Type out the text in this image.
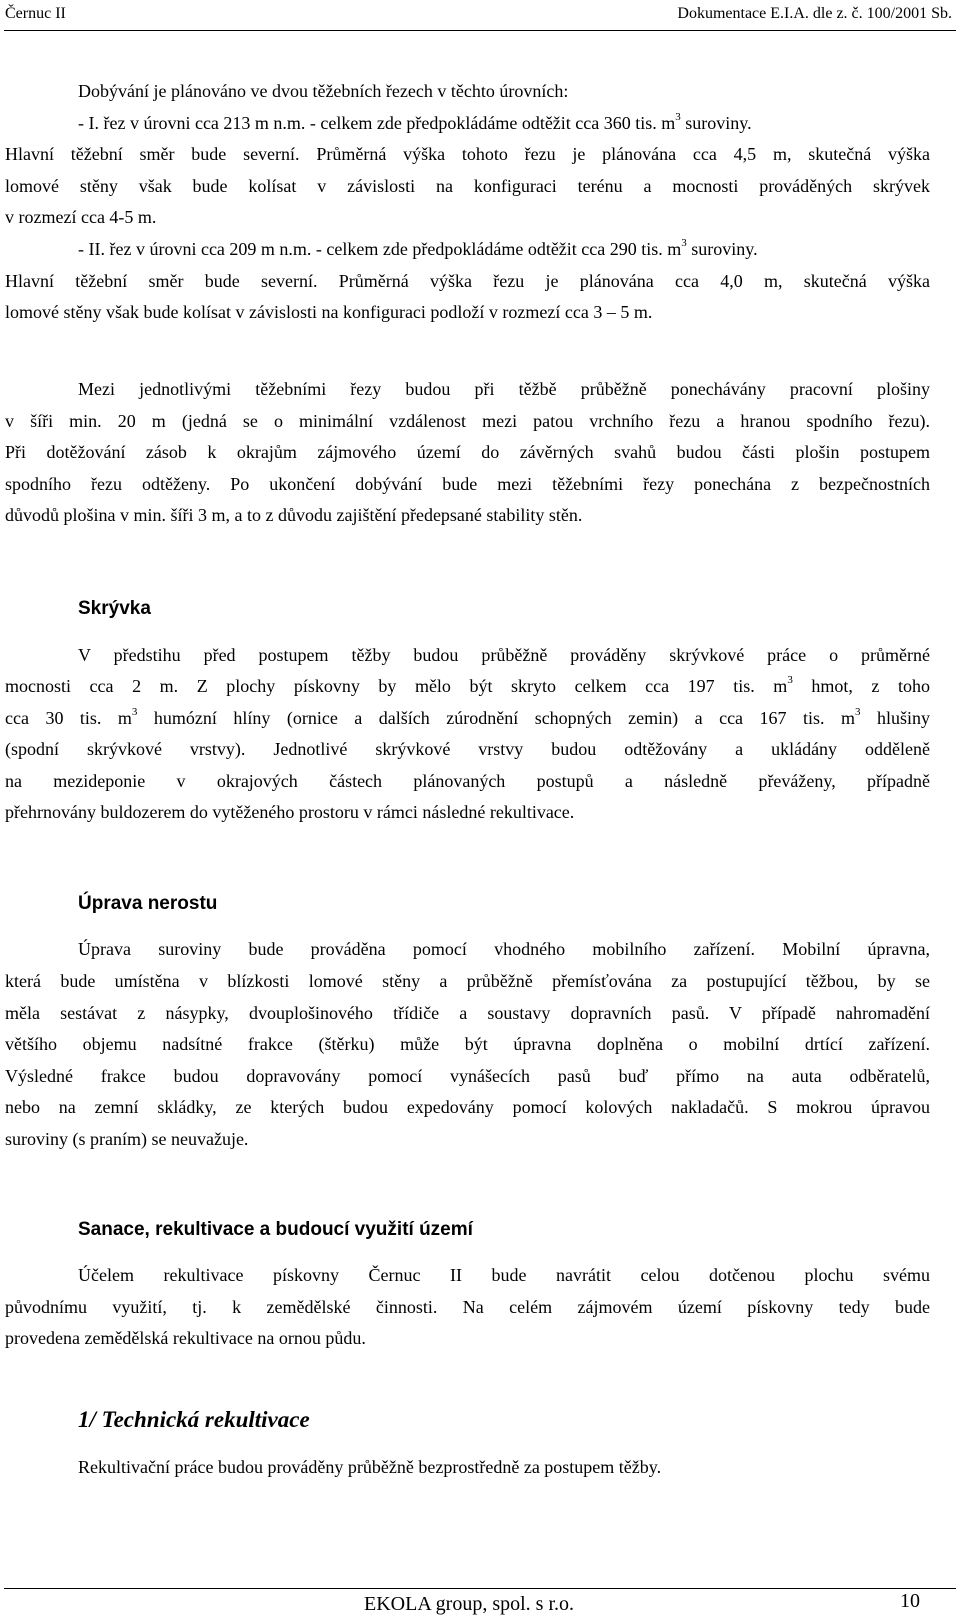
Černuc II	Dokumentace E.I.A. dle z. č. 100/2001 Sb.
Dobývání je plánováno ve dvou těžebních řezech v těchto úrovních:
- I. řez v úrovni cca 213 m n.m. - celkem zde předpokládáme odtěžit cca 360 tis. $m^3$ suroviny.
Hlavní těžební směr bude severní. Průměrná výška tohoto řezu je plánována cca 4,5 m, skutečná výška
lomové stěny však bude kolísat v závislosti na konfiguraci terénu a mocnosti prováděných skrývek
v rozmezí cca 4-5 m.
- II. řez v úrovni cca 209 m n.m. - celkem zde předpokládáme odtěžit cca 290 tis. $m^3$ suroviny.
Hlavní těžební směr bude severní. Průměrná výška řezu je plánována cca 4,0 m, skutečná výška
lomové stěny však bude kolísat v závislosti na konfiguraci podloží v rozmezí cca 3 – 5 m.
Mezi jednotlivými těžebními řezy budou při těžbě průběžně ponechávány pracovní plošiny
v šíři min. 20 m (jedná se o minimální vzdálenost mezi patou vrchního řezu a hranou spodního řezu).
Při dotěžování zásob k okrajům zájmového území do závěrných svahů budou části plošin postupem
spodního řezu odtěženy. Po ukončení dobývání bude mezi těžebními řezy ponechána z bezpečnostních
důvodů plošina v min. šíři 3 m, a to z důvodu zajištění předepsané stability stěn.
Skrývka
V předstihu před postupem těžby budou průběžně prováděny skrývkové práce o průměrné
mocnosti cca 2 m. Z plochy pískovny by mělo být skryto celkem cca 197 tis. $m^3$ hmot, z toho
cca 30 tis. $m^3$ humózní hlíny (ornice a dalších zúrodnění schopných zemin) a cca 167 tis. $m^3$ hlušiny
(spodní skrývkové vrstvy). Jednotlivé skrývkové vrstvy budou odtěžovány a ukládány odděleně
na mezideponie v okrajových částech plánovaných postupů a následně převáženy, případně
přehrnovány buldozerem do vytěženého prostoru v rámci následné rekultivace.
Úprava nerostu
Úprava suroviny bude prováděna pomocí vhodného mobilního zařízení. Mobilní úpravna,
která bude umístěna v blízkosti lomové stěny a průběžně přemísťována za postupující těžbou, by se
měla sestávat z násypky, dvouplošinového třídiče a soustavy dopravních pasů. V případě nahromadění
většího objemu nadsítné frakce (štěrku) může být úpravna doplněna o mobilní drtící zařízení.
Výsledné frakce budou dopravovány pomocí vynášecích pasů buď přímo na auta odběratelů,
nebo na zemní skládky, ze kterých budou expedovány pomocí kolových nakladačů. S mokrou úpravou
suroviny (s praním) se neuvažuje.
Sanace, rekultivace a budoucí využití území
Účelem rekultivace pískovny Černuc II bude navrátit celou dotčenou plochu svému
původnímu využití, tj. k zemědělské činnosti. Na celém zájmovém území pískovny tedy bude
provedena zemědělská rekultivace na ornou půdu.
1/ Technická rekultivace
Rekultivační práce budou prováděny průběžně bezprostředně za postupem těžby.
EKOLA group, spol. s r.o.	10
